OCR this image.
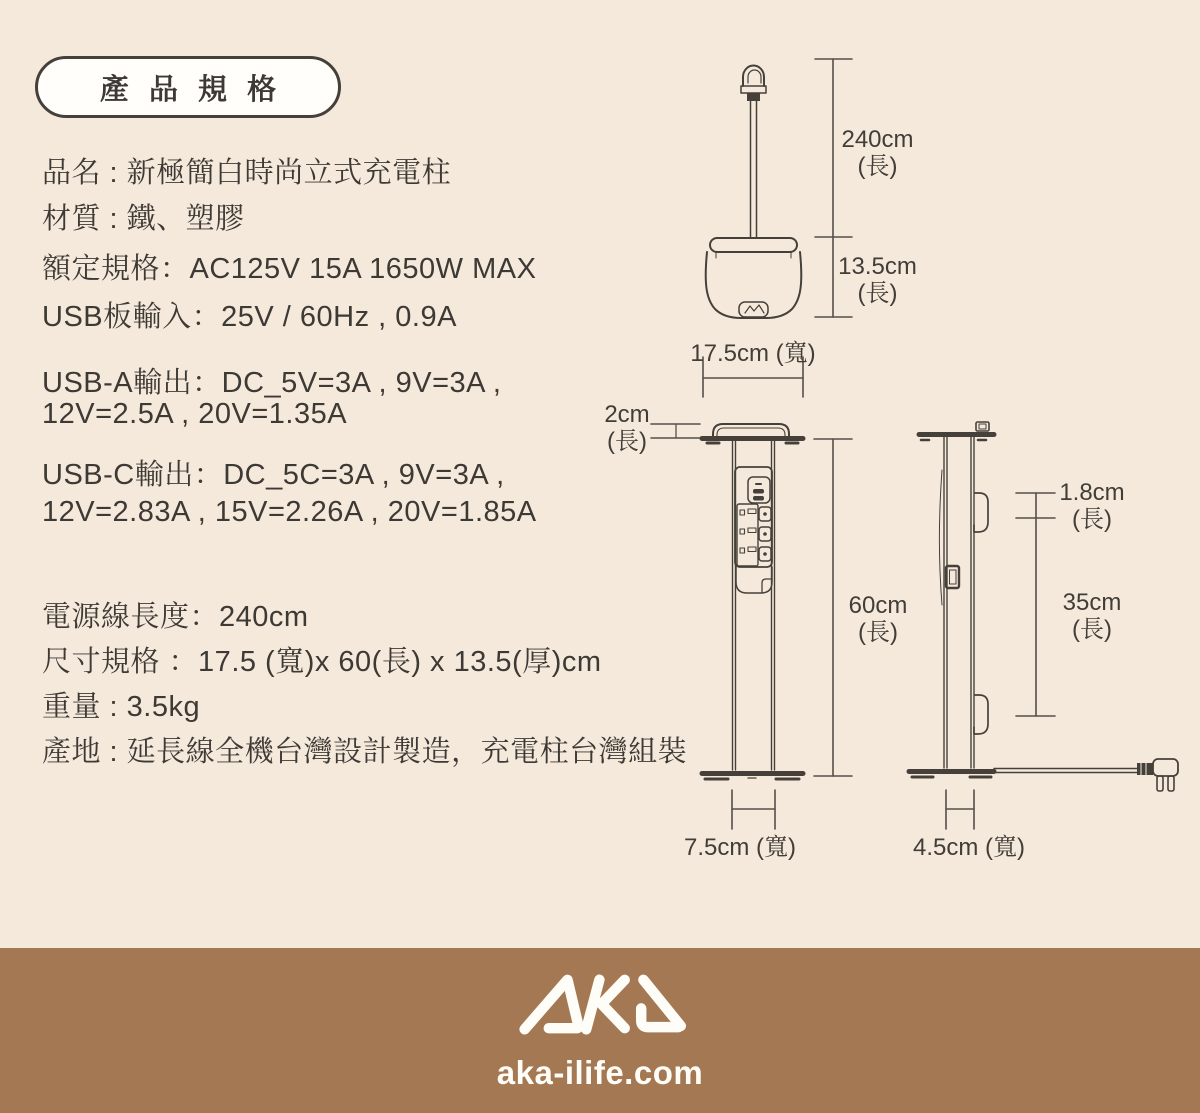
產 品 規 格
品名 : 新極簡白時尚立式充電柱
材質 : 鐵、塑膠
額定規格：AC125V 15A 1650W MAX
USB板輸入：25V / 60Hz , 0.9A
USB-A輸出：DC_5V=3A , 9V=3A ,
12V=2.5A , 20V=1.35A
USB-C輸出：DC_5C=3A , 9V=3A ,
12V=2.83A , 15V=2.26A , 20V=1.85A
電源線長度：240cm
尺寸規格 ：17.5 (寬)x 60(長) x 13.5(厚)cm
重量 : 3.5kg
產地 : 延長線全機台灣設計製造，充電柱台灣組裝
240cm
(長)
13.5cm
(長)
17.5cm (寬)
2cm
(長)
60cm
(長)
1.8cm
(長)
35cm
(長)
7.5cm (寬)	4.5cm (寬)
aka-ilife.com
